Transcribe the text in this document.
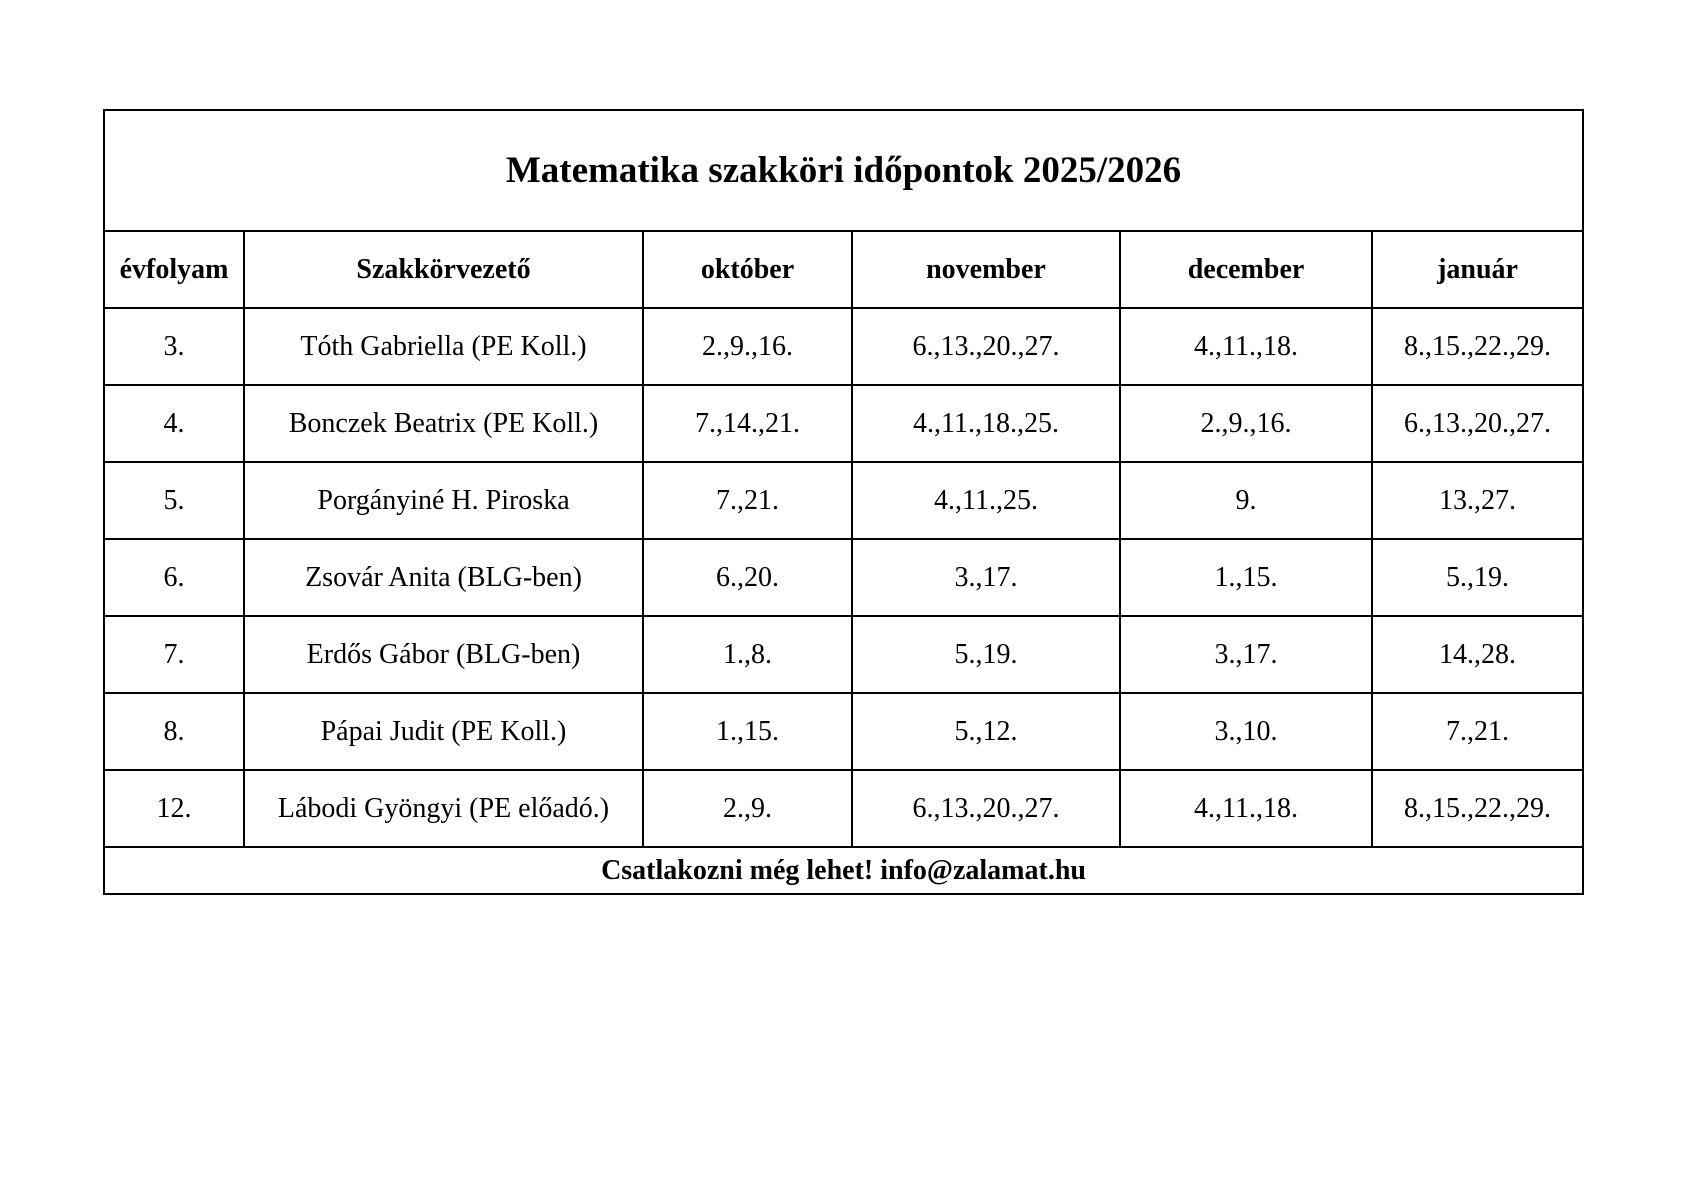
Matematika szakköri időpontok 2025/2026					
évfolyam	Szakkörvezető	október	november	december	január
3.	Tóth Gabriella (PE Koll.)	2.,9.,16.	6.,13.,20.,27.	4.,11.,18.	8.,15.,22.,29.
4.	Bonczek Beatrix (PE Koll.)	7.,14.,21.	4.,11.,18.,25.	2.,9.,16.	6.,13.,20.,27.
5.	Porgányiné H. Piroska	7.,21.	4.,11.,25.	9.	13.,27.
6.	Zsovár Anita (BLG-ben)	6.,20.	3.,17.	1.,15.	5.,19.
7.	Erdős Gábor (BLG-ben)	1.,8.	5.,19.	3.,17.	14.,28.
8.	Pápai Judit (PE Koll.)	1.,15.	5.,12.	3.,10.	7.,21.
12.	Lábodi Gyöngyi (PE előadó.)	2.,9.	6.,13.,20.,27.	4.,11.,18.	8.,15.,22.,29.
Csatlakozni még lehet! info@zalamat.hu					
